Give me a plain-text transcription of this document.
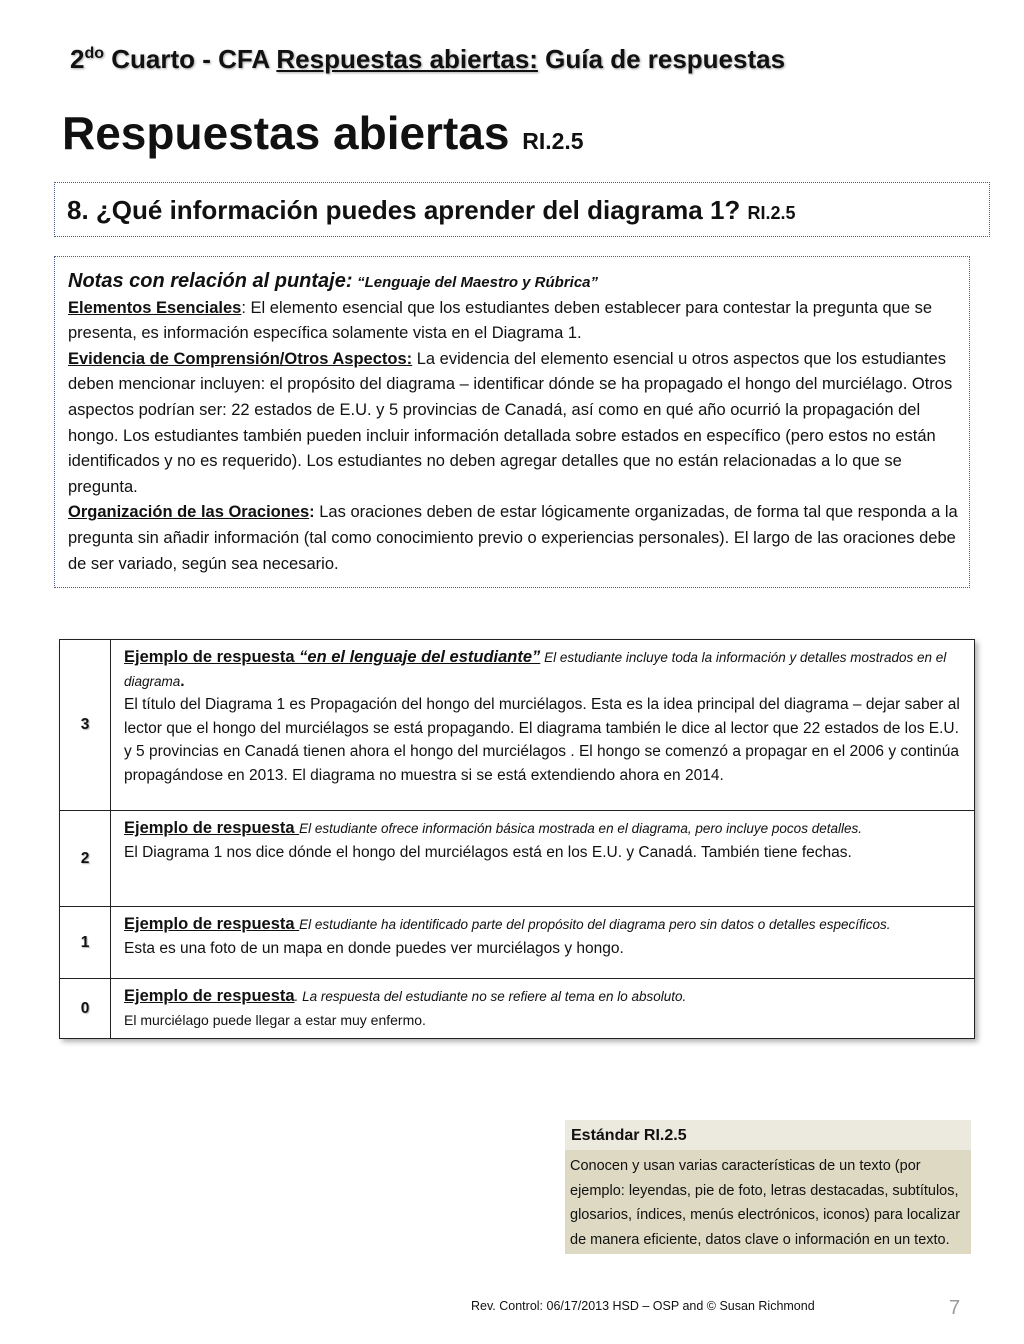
$2^{do}$ Cuarto - CFA Respuestas abiertas: Guía de respuestas
Respuestas abiertas RI.2.5
8. ¿Qué información puedes aprender del diagrama 1? RI.2.5
Notas con relación al puntaje: “Lenguaje del Maestro y Rúbrica”
Elementos Esenciales: El elemento esencial que los estudiantes deben establecer para contestar la pregunta que se presenta, es información específica solamente vista en el Diagrama 1.
Evidencia de Comprensión/Otros Aspectos: La evidencia del elemento esencial u otros aspectos que los estudiantes deben mencionar incluyen: el propósito del diagrama – identificar dónde se ha propagado el hongo del murciélago. Otros aspectos podrían ser: 22 estados de E.U. y 5 provincias de Canadá, así como en qué año ocurrió la propagación del hongo. Los estudiantes también pueden incluir información detallada sobre estados en específico (pero estos no están identificados y no es requerido). Los estudiantes no deben agregar detalles que no están relacionadas a lo que se pregunta.
Organización de las Oraciones: Las oraciones deben de estar lógicamente organizadas, de forma tal que responda a la pregunta sin añadir información (tal como conocimiento previo o experiencias personales). El largo de las oraciones debe de ser variado, según sea necesario.
3	Ejemplo de respuesta “en el lenguaje del estudiante” El estudiante incluye toda la información y detalles mostrados en el diagrama.
El título del Diagrama 1 es Propagación del hongo del murciélagos. Esta es la idea principal del diagrama – dejar saber al lector que el hongo del murciélagos se está propagando. El diagrama también le dice al lector que 22 estados de los E.U. y 5 provincias en Canadá tienen ahora el hongo del murciélagos . El hongo se comenzó a propagar en el 2006 y continúa propagándose en 2013. El diagrama no muestra si se está extendiendo ahora en 2014.

2	Ejemplo de respuesta El estudiante ofrece información básica mostrada en el diagrama, pero incluye pocos detalles.
El Diagrama 1 nos dice dónde el hongo del murciélagos está en los E.U. y Canadá. También tiene fechas.

1	Ejemplo de respuesta El estudiante ha identificado parte del propósito del diagrama pero sin datos o detalles específicos.
Esta es una foto de un mapa en donde puedes ver murciélagos y hongo.

0	Ejemplo de respuesta. La respuesta del estudiante no se refiere al tema en lo absoluto.
El murciélago puede llegar a estar muy enfermo.
Estándar RI.2.5
Conocen y usan varias características de un texto (por ejemplo: leyendas, pie de foto, letras destacadas, subtítulos, glosarios, índices, menús electrónicos, iconos) para localizar de manera eficiente, datos clave o información en un texto.
Rev. Control: 06/17/2013 HSD – OSP and © Susan Richmond	7
